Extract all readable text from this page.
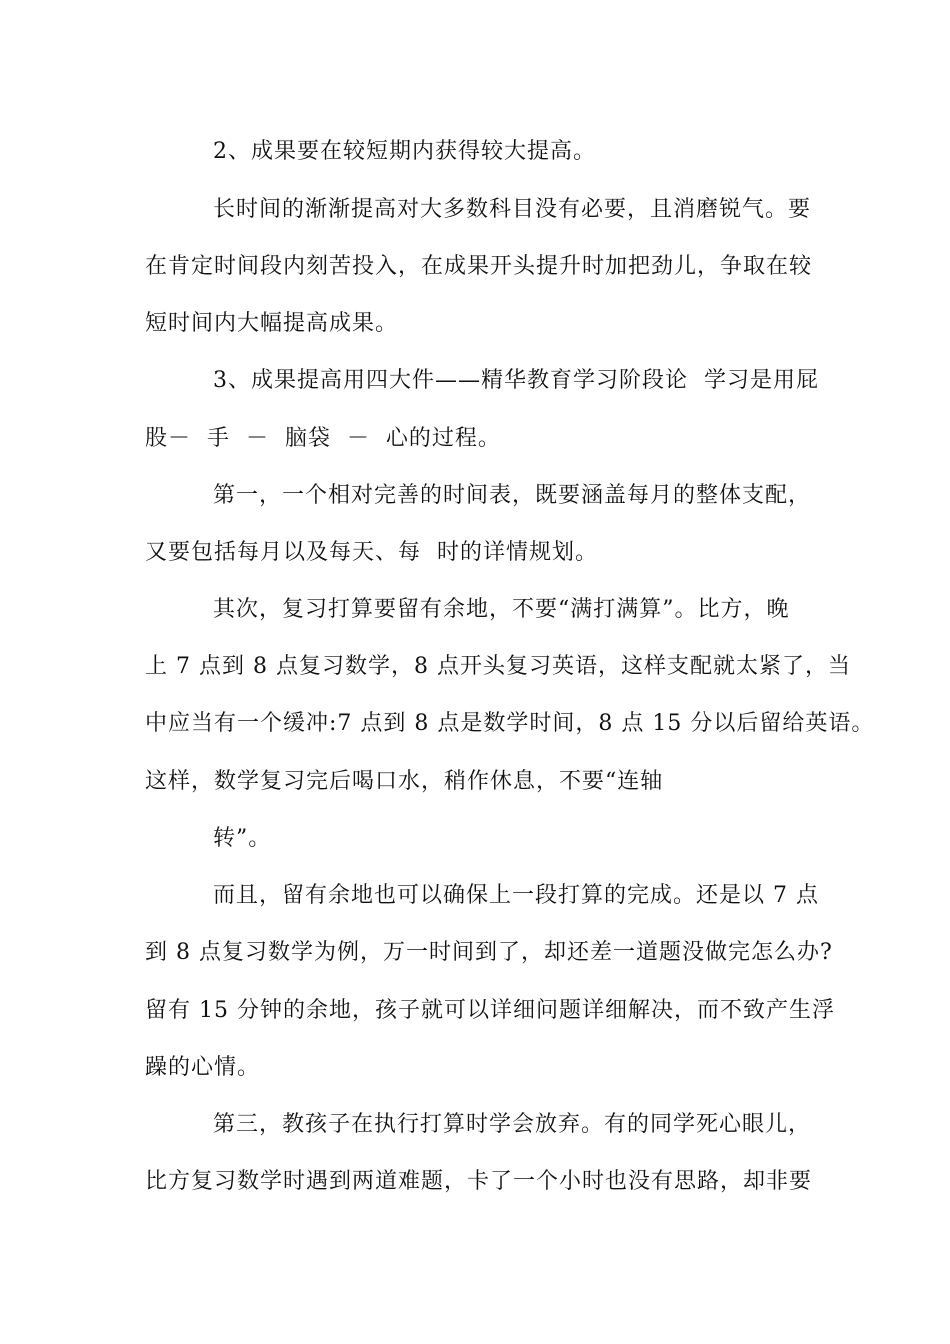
2、成果要在较短期内获得较大提高。
长时间的渐渐提高对大多数科目没有必要，且消磨锐气。要
在肯定时间段内刻苦投入，在成果开头提升时加把劲儿，争取在较
短时间内大幅提高成果。
3、成果提高用四大件——精华教育学习阶段论  学习是用屁
股－  手  －  脑袋  －  心的过程。
第一，一个相对完善的时间表，既要涵盖每月的整体支配，
又要包括每月以及每天、每  时的详情规划。
其次，复习打算要留有余地，不要“满打满算”。比方，晚
上 7 点到 8 点复习数学，8 点开头复习英语，这样支配就太紧了，当
中应当有一个缓冲:7 点到 8 点是数学时间，8 点 15 分以后留给英语。
这样，数学复习完后喝口水，稍作休息，不要“连轴
转”。
而且，留有余地也可以确保上一段打算的完成。还是以 7 点
到 8 点复习数学为例，万一时间到了，却还差一道题没做完怎么办?
留有 15 分钟的余地，孩子就可以详细问题详细解决，而不致产生浮
躁的心情。
第三，教孩子在执行打算时学会放弃。有的同学死心眼儿，
比方复习数学时遇到两道难题，卡了一个小时也没有思路，却非要
